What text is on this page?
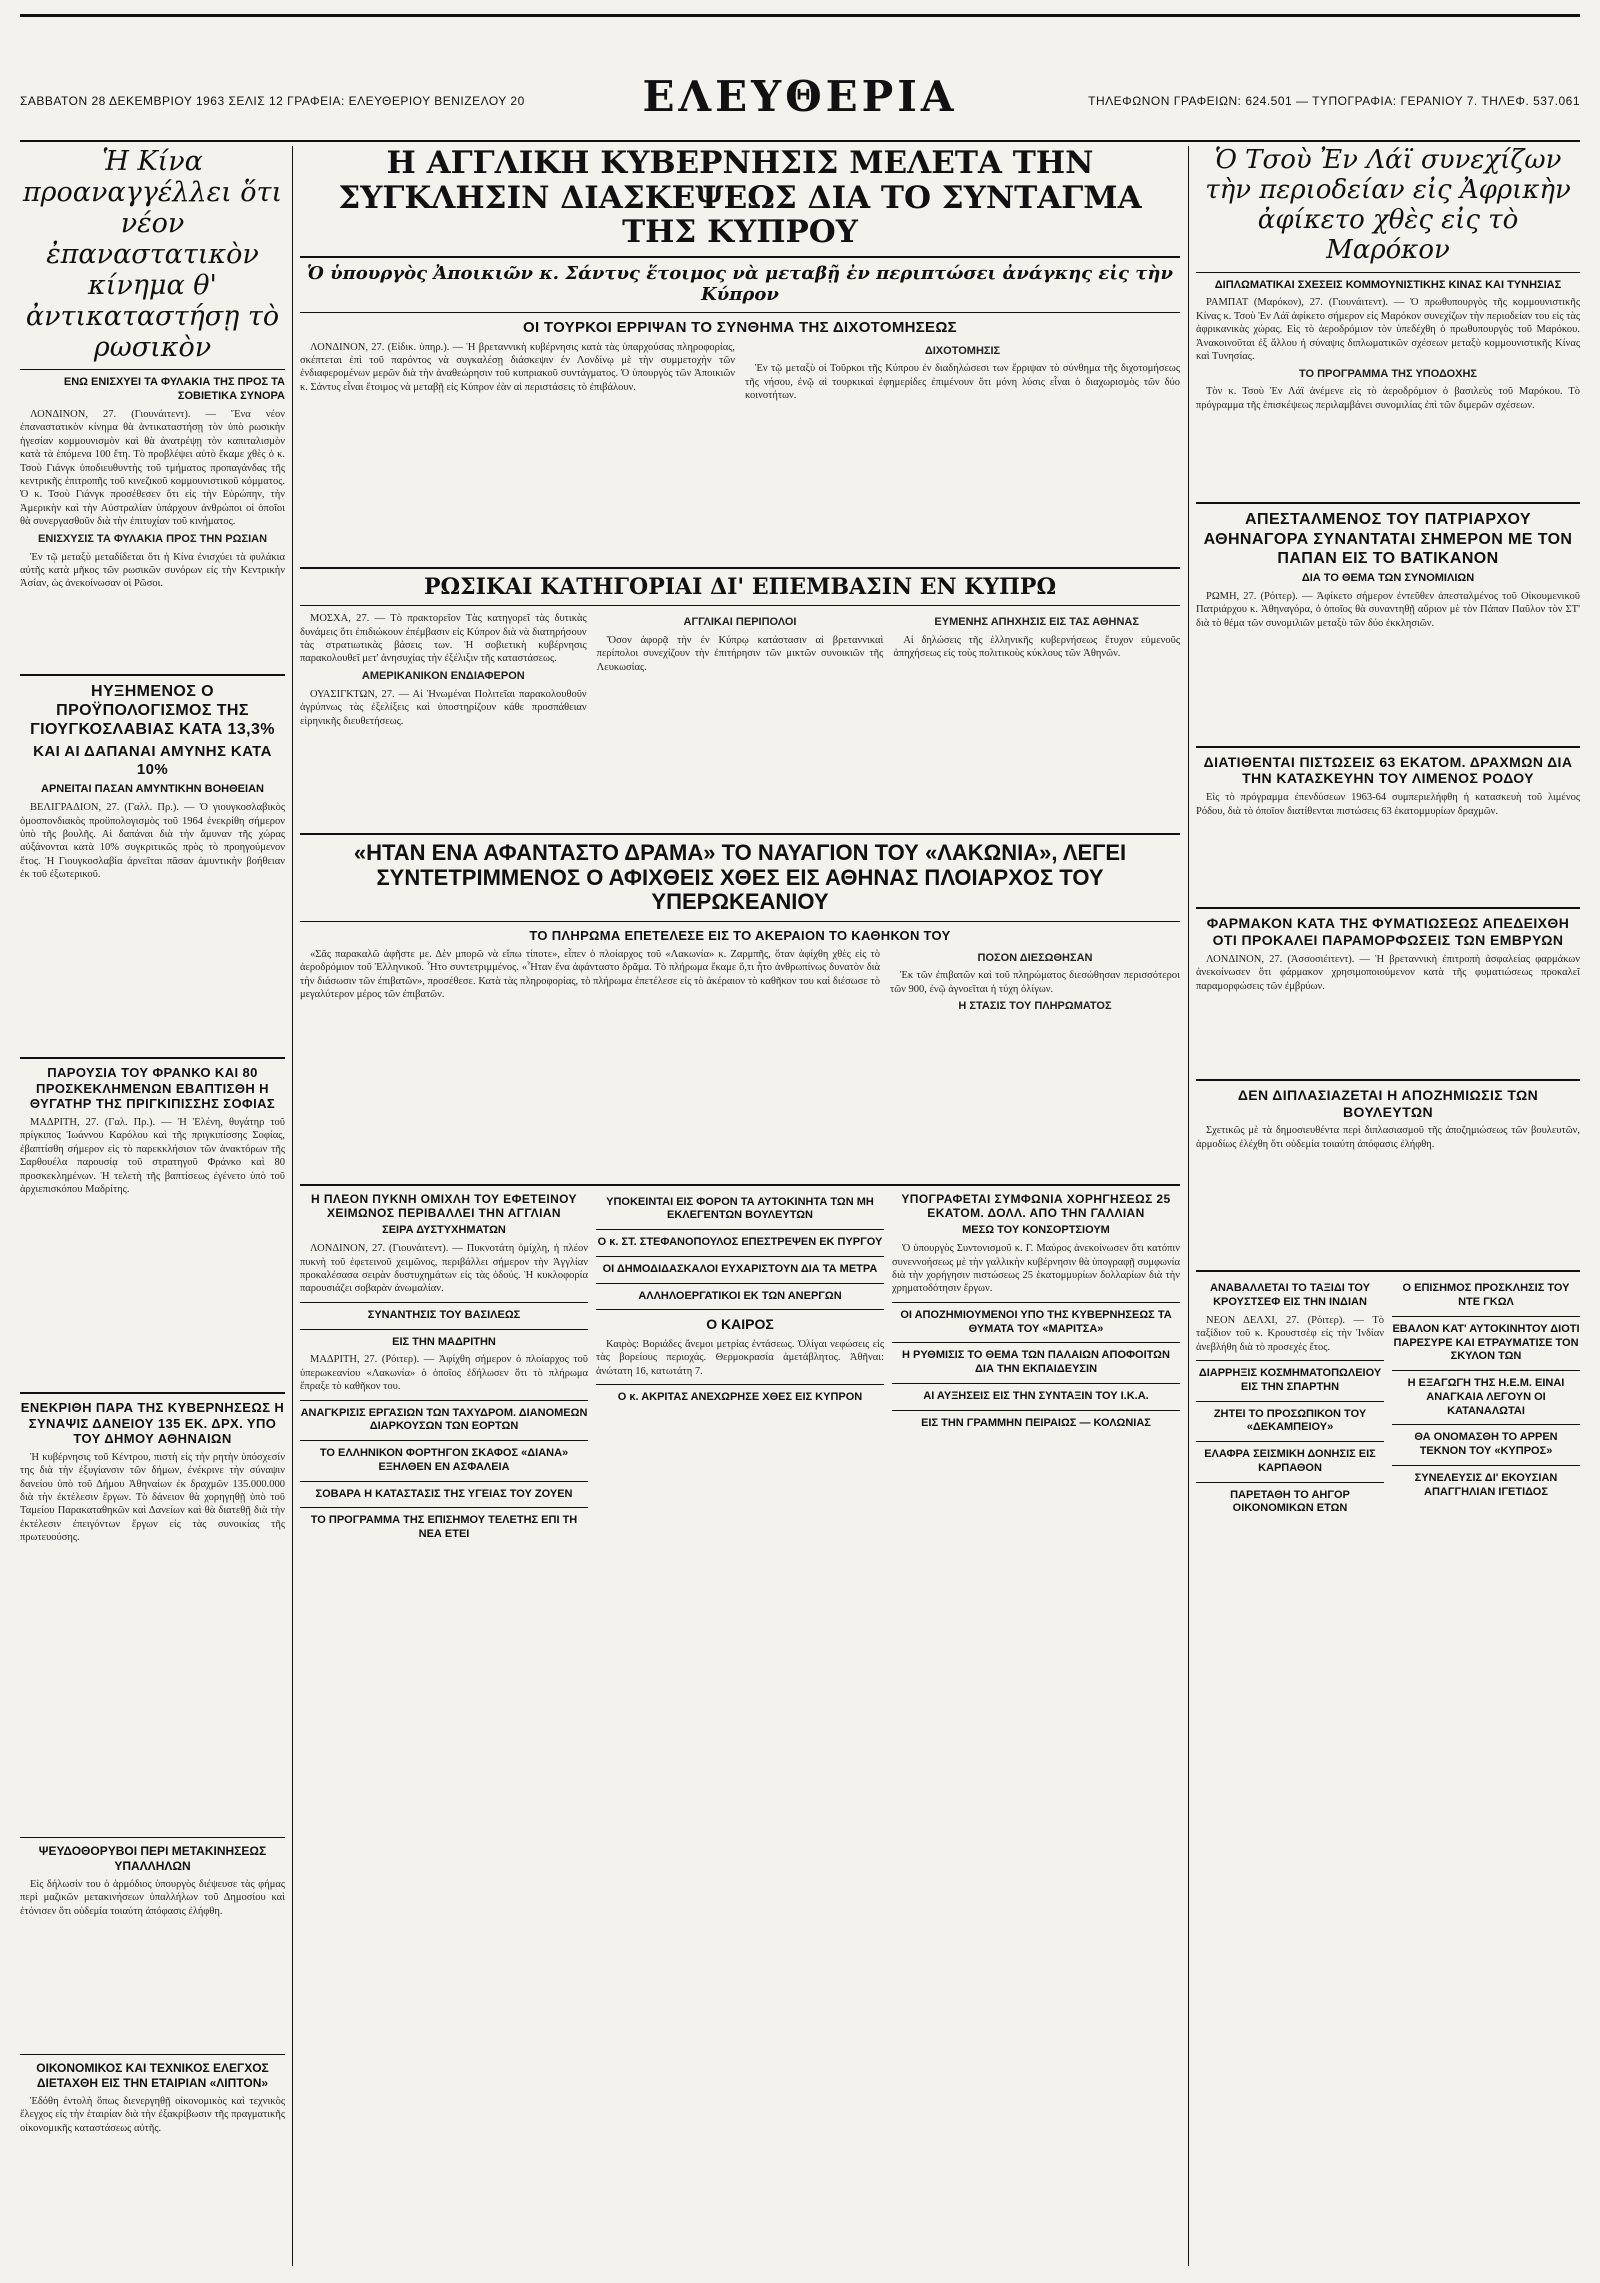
ΣΑΒΒΑΤΟΝ 28 ΔΕΚΕΜΒΡΙΟΥ 1963 ΣΕΛΙΣ 12 ΓΡΑΦΕΙΑ: ΕΛΕΥΘΕΡΙΟΥ ΒΕΝΙΖΕΛΟΥ 20	ΕΛΕΥΘΕΡΙΑ	ΤΗΛΕΦΩΝΟΝ ΓΡΑΦΕΙΩΝ: 624.501 — ΤΥΠΟΓΡΑΦΙΑ: ΓΕΡΑΝΙΟΥ 7. ΤΗΛΕΦ. 537.061
Ἡ Κίνα προαναγγέλλει ὅτι νέον ἐπαναστατικὸν κίνημα θ' ἀντικαταστήσῃ τὸ ρωσικὸν
ΕΝΩ ΕΝΙΣΧΥΕΙ ΤΑ ΦΥΛΑΚΙΑ ΤΗΣ ΠΡΟΣ ΤΑ ΣΟΒΙΕΤΙΚΑ ΣΥΝΟΡΑ

ΛΟΝΔΙΝΟΝ, 27. (Γιουνάιτεντ). — Ἕνα νέον ἐπαναστατικὸν κίνημα θὰ ἀντικαταστήσῃ τὸν ὑπὸ ρωσικὴν ἡγεσίαν κομμουνισμὸν καὶ θὰ ἀνατρέψῃ τὸν καπιταλισμὸν κατὰ τὰ ἑπόμενα 100 ἔτη. Τὸ προβλέψει αὐτὸ ἔκαμε χθὲς ὁ κ. Τσοὺ Γιάνγκ ὑποδιευθυντὴς τοῦ τμήματος προπαγάνδας τῆς κεντρικῆς ἐπιτροπῆς τοῦ κινεζικοῦ κομμουνιστικοῦ κόμματος. Ὁ κ. Τσοὺ Γιάνγκ προσέθεσεν ὅτι εἰς τὴν Εὐρώπην, τὴν Ἀμερικὴν καὶ τὴν Αὐστραλίαν ὑπάρχουν ἀνθρώποι οἱ ὁποῖοι θὰ συνεργασθοῦν διὰ τὴν ἐπιτυχίαν τοῦ κινήματος.

ΕΝΙΣΧΥΣΙΣ ΤΑ ΦΥΛΑΚΙΑ ΠΡΟΣ ΤΗΝ ΡΩΣΙΑΝ

Ἐν τῷ μεταξὺ μεταδίδεται ὅτι ἡ Κίνα ἐνισχύει τὰ φυλάκια αὐτῆς κατὰ μῆκος τῶν ρωσικῶν συνόρων εἰς τὴν Κεντρικὴν Ἀσίαν, ὡς ἀνεκοίνωσαν οἱ Ρῶσοι.

ΗΥΞΗΜΕΝΟΣ Ο ΠΡΟΫΠΟΛΟΓΙΣΜΟΣ ΤΗΣ ΓΙΟΥΓΚΟΣΛΑΒΙΑΣ ΚΑΤΑ 13,3%
ΚΑΙ ΑΙ ΔΑΠΑΝΑΙ ΑΜΥΝΗΣ ΚΑΤΑ 10%
ΑΡΝΕΙΤΑΙ ΠΑΣΑΝ ΑΜΥΝΤΙΚΗΝ ΒΟΗΘΕΙΑΝ

ΒΕΛΙΓΡΑΔΙΟΝ, 27. (Γαλλ. Πρ.). — Ὁ γιουγκοσλαβικὸς ὁμοσπονδιακὸς προϋπολογισμὸς τοῦ 1964 ἐνεκρίθη σήμερον ὑπὸ τῆς βουλῆς. Αἱ δαπάναι διὰ τὴν ἄμυναν τῆς χώρας αὐξάνονται κατὰ 10% συγκριτικῶς πρὸς τὸ προηγούμενον ἔτος. Ἡ Γιουγκοσλαβία ἀρνεῖται πᾶσαν ἀμυντικὴν βοήθειαν ἐκ τοῦ ἐξωτερικοῦ.

ΠΑΡΟΥΣΙΑ ΤΟΥ ΦΡΑΝΚΟ ΚΑΙ 80 ΠΡΟΣΚΕΚΛΗΜΕΝΩΝ ΕΒΑΠΤΙΣΘΗ Η ΘΥΓΑΤΗΡ ΤΗΣ ΠΡΙΓΚΙΠΙΣΣΗΣ ΣΟΦΙΑΣ

ΜΑΔΡΙΤΗ, 27. (Γαλ. Πρ.). — Ἡ Ἑλένη, θυγάτηρ τοῦ πρίγκιπος Ἰωάννου Καρόλου καὶ τῆς πριγκιπίσσης Σοφίας, ἐβαπτίσθη σήμερον εἰς τὸ παρεκκλήσιον τῶν ἀνακτόρων τῆς Σαρθουέλα παρουσίᾳ τοῦ στρατηγοῦ Φράνκο καὶ 80 προσκεκλημένων. Ἡ τελετὴ τῆς βαπτίσεως ἐγένετο ὑπὸ τοῦ ἀρχιεπισκόπου Μαδρίτης.

ΕΝΕΚΡΙΘΗ ΠΑΡΑ ΤΗΣ ΚΥΒΕΡΝΗΣΕΩΣ Η ΣΥΝΑΨΙΣ ΔΑΝΕΙΟΥ 135 ΕΚ. ΔΡΧ. ΥΠΟ ΤΟΥ ΔΗΜΟΥ ΑΘΗΝΑΙΩΝ

Ἡ κυβέρνησις τοῦ Κέντρου, πιστὴ εἰς τὴν ρητὴν ὑπόσχεσίν της διὰ τὴν ἐξυγίανσιν τῶν δήμων, ἐνέκρινε τὴν σύναψιν δανείου ὑπὸ τοῦ Δήμου Ἀθηναίων ἐκ δραχμῶν 135.000.000 διὰ τὴν ἐκτέλεσιν ἔργων. Τὸ δάνειον θὰ χορηγηθῇ ὑπὸ τοῦ Ταμείου Παρακαταθηκῶν καὶ Δανείων καὶ θὰ διατεθῇ διὰ τὴν ἐκτέλεσιν ἐπειγόντων ἔργων εἰς τὰς συνοικίας τῆς πρωτευούσης.

ΨΕΥΔΟΘΟΡΥΒΟΙ ΠΕΡΙ ΜΕΤΑΚΙΝΗΣΕΩΣ ΥΠΑΛΛΗΛΩΝ

Εἰς δήλωσίν του ὁ ἁρμόδιος ὑπουργὸς διέψευσε τὰς φήμας περὶ μαζικῶν μετακινήσεων ὑπαλλήλων τοῦ Δημοσίου καὶ ἐτόνισεν ὅτι οὐδεμία τοιαύτη ἀπόφασις ἐλήφθη.

ΟΙΚΟΝΟΜΙΚΟΣ ΚΑΙ ΤΕΧΝΙΚΟΣ ΕΛΕΓΧΟΣ ΔΙΕΤΑΧΘΗ ΕΙΣ ΤΗΝ ΕΤΑΙΡΙΑΝ «ΛΙΠΤΟΝ»

Ἐδόθη ἐντολὴ ὅπως διενεργηθῇ οἰκονομικὸς καὶ τεχνικὸς ἔλεγχος εἰς τὴν ἑταιρίαν διὰ τὴν ἐξακρίβωσιν τῆς πραγματικῆς οἰκονομικῆς καταστάσεως αὐτῆς.

Η ΑΓΓΛΙΚΗ ΚΥΒΕΡΝΗΣΙΣ ΜΕΛΕΤΑ ΤΗΝ ΣΥΓΚΛΗΣΙΝ ΔΙΑΣΚΕΨΕΩΣ ΔΙΑ ΤΟ ΣΥΝΤΑΓΜΑ ΤΗΣ ΚΥΠΡΟΥ
Ὁ ὑπουργὸς Ἀποικιῶν κ. Σάντυς ἕτοιμος νὰ μεταβῇ ἐν περιπτώσει ἀνάγκης εἰς τὴν Κύπρον
ΟΙ ΤΟΥΡΚΟΙ ΕΡΡΙΨΑΝ ΤΟ ΣΥΝΘΗΜΑ ΤΗΣ ΔΙΧΟΤΟΜΗΣΕΩΣ

ΛΟΝΔΙΝΟΝ, 27. (Εἰδικ. ὑπηρ.). — Ἡ βρεταννικὴ κυβέρνησις κατὰ τὰς ὑπαρχούσας πληροφορίας, σκέπτεται ἐπὶ τοῦ παρόντος νὰ συγκαλέσῃ διάσκεψιν ἐν Λονδίνῳ μὲ τὴν συμμετοχὴν τῶν ἐνδιαφερομένων μερῶν διὰ τὴν ἀναθεώρησιν τοῦ κυπριακοῦ συντάγματος. Ὁ ὑπουργὸς τῶν Ἀποικιῶν κ. Σάντυς εἶναι ἕτοιμος νὰ μεταβῇ εἰς Κύπρον ἐὰν αἱ περιστάσεις τὸ ἐπιβάλουν.

ΔΙΧΟΤΟΜΗΣΙΣ

Ἐν τῷ μεταξὺ οἱ Τοῦρκοι τῆς Κύπρου ἐν διαδηλώσεσι των ἔρριψαν τὸ σύνθημα τῆς διχοτομήσεως τῆς νήσου, ἐνῷ αἱ τουρκικαὶ ἐφημερίδες ἐπιμένουν ὅτι μόνη λύσις εἶναι ὁ διαχωρισμὸς τῶν δύο κοινοτήτων.

ΡΩΣΙΚΑΙ ΚΑΤΗΓΟΡΙΑΙ ΔΙ' ΕΠΕΜΒΑΣΙΝ ΕΝ ΚΥΠΡΩ

ΜΟΣΧΑ, 27. — Τὸ πρακτορεῖον Τὰς κατηγορεῖ τὰς δυτικὰς δυνάμεις ὅτι ἐπιδιώκουν ἐπέμβασιν εἰς Κύπρον διὰ νὰ διατηρήσουν τὰς στρατιωτικὰς βάσεις των. Ἡ σοβιετικὴ κυβέρνησις παρακολουθεῖ μετ' ἀνησυχίας τὴν ἐξέλιξιν τῆς καταστάσεως.

ΑΜΕΡΙΚΑΝΙΚΟΝ ΕΝΔΙΑΦΕΡΟΝ

ΟΥΑΣΙΓΚΤΩΝ, 27. — Αἱ Ἡνωμέναι Πολιτεῖαι παρακολουθοῦν ἀγρύπνως τὰς ἐξελίξεις καὶ ὑποστηρίζουν κάθε προσπάθειαν εἰρηνικῆς διευθετήσεως.

ΑΓΓΛΙΚΑΙ ΠΕΡΙΠΟΛΟΙ

Ὅσον ἀφορᾷ τὴν ἐν Κύπρῳ κατάστασιν αἱ βρεταννικαὶ περίπολοι συνεχίζουν τὴν ἐπιτήρησιν τῶν μικτῶν συνοικιῶν τῆς Λευκωσίας.

ΕΥΜΕΝΗΣ ΑΠΗΧΗΣΙΣ ΕΙΣ ΤΑΣ ΑΘΗΝΑΣ

Αἱ δηλώσεις τῆς ἑλληνικῆς κυβερνήσεως ἔτυχον εὐμενοῦς ἀπηχήσεως εἰς τοὺς πολιτικοὺς κύκλους τῶν Ἀθηνῶν.

«ΗΤΑΝ ΕΝΑ ΑΦΑΝΤΑΣΤΟ ΔΡΑΜΑ» ΤΟ ΝΑΥΑΓΙΟΝ ΤΟΥ «ΛΑΚΩΝΙΑ», ΛΕΓΕΙ ΣΥΝΤΕΤΡΙΜΜΕΝΟΣ Ο ΑΦΙΧΘΕΙΣ ΧΘΕΣ ΕΙΣ ΑΘΗΝΑΣ ΠΛΟΙΑΡΧΟΣ ΤΟΥ ΥΠΕΡΩΚΕΑΝΙΟΥ
ΤΟ ΠΛΗΡΩΜΑ ΕΠΕΤΕΛΕΣΕ ΕΙΣ ΤΟ ΑΚΕΡΑΙΟΝ ΤΟ ΚΑΘΗΚΟΝ ΤΟΥ

«Σᾶς παρακαλῶ ἀφῆστε με. Δὲν μπορῶ νὰ εἴπω τίποτε», εἶπεν ὁ πλοίαρχος τοῦ «Λακωνία» κ. Ζαρμπῆς, ὅταν ἀφίχθη χθὲς εἰς τὸ ἀεροδρόμιον τοῦ Ἑλληνικοῦ. Ἦτο συντετριμμένος. «Ἦταν ἕνα ἀφάνταστο δρᾶμα. Τὸ πλήρωμα ἔκαμε ὅ,τι ἦτο ἀνθρωπίνως δυνατὸν διὰ τὴν διάσωσιν τῶν ἐπιβατῶν», προσέθεσε. Κατὰ τὰς πληροφορίας, τὸ πλήρωμα ἐπετέλεσε εἰς τὸ ἀκέραιον τὸ καθῆκον του καὶ διέσωσε τὸ μεγαλύτερον μέρος τῶν ἐπιβατῶν.

ΠΟΣΟΝ ΔΙΕΣΩΘΗΣΑΝ

Ἐκ τῶν ἐπιβατῶν καὶ τοῦ πληρώματος διεσώθησαν περισσότεροι τῶν 900, ἐνῷ ἀγνοεῖται ἡ τύχη ὀλίγων.

Η ΣΤΑΣΙΣ ΤΟΥ ΠΛΗΡΩΜΑΤΟΣ
Η ΠΛΕΟΝ ΠΥΚΝΗ ΟΜΙΧΛΗ ΤΟΥ ΕΦΕΤΕΙΝΟΥ ΧΕΙΜΩΝΟΣ ΠΕΡΙΒΑΛΛΕΙ ΤΗΝ ΑΓΓΛΙΑΝ
ΣΕΙΡΑ ΔΥΣΤΥΧΗΜΑΤΩΝ

ΛΟΝΔΙΝΟΝ, 27. (Γιουνάιτεντ). — Πυκνοτάτη ὀμίχλη, ἡ πλέον πυκνὴ τοῦ ἐφετεινοῦ χειμῶνος, περιβάλλει σήμερον τὴν Ἀγγλίαν προκαλέσασα σειρὰν δυστυχημάτων εἰς τὰς ὁδούς. Ἡ κυκλοφορία παρουσιάζει σοβαρὰν ἀνωμαλίαν.

ΣΥΝΑΝΤΗΣΙΣ ΤΟΥ ΒΑΣΙΛΕΩΣ
ΕΙΣ ΤΗΝ ΜΑΔΡΙΤΗΝ

ΜΑΔΡΙΤΗ, 27. (Ρόιτερ). — Ἀφίχθη σήμερον ὁ πλοίαρχος τοῦ ὑπερωκεανίου «Λακωνία» ὁ ὁποῖος ἐδήλωσεν ὅτι τὸ πλήρωμα ἔπραξε τὸ καθῆκον του.

ΑΝΑΓΚΡΙΣΙΣ ΕΡΓΑΣΙΩΝ ΤΩΝ ΤΑΧΥΔΡΟΜ. ΔΙΑΝΟΜΕΩΝ ΔΙΑΡΚΟΥΣΩΝ ΤΩΝ ΕΟΡΤΩΝ
ΤΟ ΕΛΛΗΝΙΚΟΝ ΦΟΡΤΗΓΟΝ ΣΚΑΦΟΣ «ΔΙΑΝΑ» ΕΞΗΛΘΕΝ ΕΝ ΑΣΦΑΛΕΙΑ
ΣΟΒΑΡΑ Η ΚΑΤΑΣΤΑΣΙΣ ΤΗΣ ΥΓΕΙΑΣ ΤΟΥ ΖΟΥΕΝ
ΤΟ ΠΡΟΓΡΑΜΜΑ ΤΗΣ ΕΠΙΣΗΜΟΥ ΤΕΛΕΤΗΣ ΕΠΙ ΤΗ ΝΕΑ ΕΤΕΙ
ΥΠΟΚΕΙΝΤΑΙ ΕΙΣ ΦΟΡΟΝ ΤΑ ΑΥΤΟΚΙΝΗΤΑ ΤΩΝ ΜΗ ΕΚΛΕΓΕΝΤΩΝ ΒΟΥΛΕΥΤΩΝ
Ο κ. ΣΤ. ΣΤΕΦΑΝΟΠΟΥΛΟΣ ΕΠΕΣΤΡΕΨΕΝ ΕΚ ΠΥΡΓΟΥ
ΟΙ ΔΗΜΟΔΙΔΑΣΚΑΛΟΙ ΕΥΧΑΡΙΣΤΟΥΝ ΔΙΑ ΤΑ ΜΕΤΡΑ
ΑΛΛΗΛΟΕΡΓΑΤΙΚΟΙ ΕΚ ΤΩΝ ΑΝΕΡΓΩΝ
Ο ΚΑΙΡΟΣ

Καιρὸς: Βοριάδες ἄνεμοι μετρίας ἐντάσεως. Ὀλίγαι νεφώσεις εἰς τὰς βορείους περιοχάς. Θερμοκρασία ἀμετάβλητος. Ἀθῆναι: ἀνώτατη 16, κατωτάτη 7.

Ο κ. ΑΚΡΙΤΑΣ ΑΝΕΧΩΡΗΣΕ ΧΘΕΣ ΕΙΣ ΚΥΠΡΟΝ
ΥΠΟΓΡΑΦΕΤΑΙ ΣΥΜΦΩΝΙΑ ΧΟΡΗΓΗΣΕΩΣ 25 ΕΚΑΤΟΜ. ΔΟΛΛ. ΑΠΟ ΤΗΝ ΓΑΛΛΙΑΝ
ΜΕΣΩ ΤΟΥ ΚΟΝΣΟΡΤΣΙΟΥΜ

Ὁ ὑπουργὸς Συντονισμοῦ κ. Γ. Μαύρος ἀνεκοίνωσεν ὅτι κατόπιν συνεννοήσεως μὲ τὴν γαλλικὴν κυβέρνησιν θὰ ὑπογραφῇ συμφωνία διὰ τὴν χορήγησιν πιστώσεως 25 ἑκατομμυρίων δολλαρίων διὰ τὴν χρηματοδότησιν ἔργων.

ΟΙ ΑΠΟΖΗΜΙΟΥΜΕΝΟΙ ΥΠΟ ΤΗΣ ΚΥΒΕΡΝΗΣΕΩΣ ΤΑ ΘΥΜΑΤΑ ΤΟΥ «ΜΑΡΙΤΣΑ»
Η ΡΥΘΜΙΣΙΣ ΤΟ ΘΕΜΑ ΤΩΝ ΠΑΛΑΙΩΝ ΑΠΟΦΟΙΤΩΝ ΔΙΑ ΤΗΝ ΕΚΠΑΙΔΕΥΣΙΝ
ΑΙ ΑΥΞΗΣΕΙΣ ΕΙΣ ΤΗΝ ΣΥΝΤΑΞΙΝ ΤΟΥ Ι.Κ.Α.
ΕΙΣ ΤΗΝ ΓΡΑΜΜΗΝ ΠΕΙΡΑΙΩΣ — ΚΟΛΩΝΙΑΣ
Ὁ Τσοὺ Ἐν Λάϊ συνεχίζων τὴν περιοδείαν εἰς Ἀφρικὴν ἀφίκετο χθὲς εἰς τὸ Μαρόκον
ΔΙΠΛΩΜΑΤΙΚΑΙ ΣΧΕΣΕΙΣ ΚΟΜΜΟΥΝΙΣΤΙΚΗΣ ΚΙΝΑΣ ΚΑΙ ΤΥΝΗΣΙΑΣ

ΡΑΜΠΑΤ (Μαρόκον), 27. (Γιουνάιτεντ). — Ὁ πρωθυπουργὸς τῆς κομμουνιστικῆς Κίνας κ. Τσοὺ Ἐν Λάϊ ἀφίκετο σήμερον εἰς Μαρόκον συνεχίζων τὴν περιοδείαν του εἰς τὰς ἀφρικανικὰς χώρας. Εἰς τὸ ἀεροδρόμιον τὸν ὑπεδέχθη ὁ πρωθυπουργὸς τοῦ Μαρόκου. Ἀνακοινοῦται ἐξ ἄλλου ἡ σύναψις διπλωματικῶν σχέσεων μεταξὺ κομμουνιστικῆς Κίνας καὶ Τυνησίας.

ΤΟ ΠΡΟΓΡΑΜΜΑ ΤΗΣ ΥΠΟΔΟΧΗΣ

Τὸν κ. Τσοὺ Ἐν Λάϊ ἀνέμενε εἰς τὸ ἀεροδρόμιον ὁ βασιλεὺς τοῦ Μαρόκου. Τὸ πρόγραμμα τῆς ἐπισκέψεως περιλαμβάνει συνομιλίας ἐπὶ τῶν διμερῶν σχέσεων.

ΑΠΕΣΤΑΛΜΕΝΟΣ ΤΟΥ ΠΑΤΡΙΑΡΧΟΥ ΑΘΗΝΑΓΟΡΑ ΣΥΝΑΝΤΑΤΑΙ ΣΗΜΕΡΟΝ ΜΕ ΤΟΝ ΠΑΠΑΝ ΕΙΣ ΤΟ ΒΑΤΙΚΑΝΟΝ
ΔΙΑ ΤΟ ΘΕΜΑ ΤΩΝ ΣΥΝΟΜΙΛΙΩΝ

ΡΩΜΗ, 27. (Ρόιτερ). — Ἀφίκετο σήμερον ἐντεῦθεν ἀπεσταλμένος τοῦ Οἰκουμενικοῦ Πατριάρχου κ. Ἀθηναγόρα, ὁ ὁποῖος θὰ συναντηθῇ αὔριον μὲ τὸν Πάπαν Παῦλον τὸν ΣΤ' διὰ τὸ θέμα τῶν συνομιλιῶν μεταξὺ τῶν δύο ἐκκλησιῶν.

ΔΙΑΤΙΘΕΝΤΑΙ ΠΙΣΤΩΣΕΙΣ 63 ΕΚΑΤΟΜ. ΔΡΑΧΜΩΝ ΔΙΑ ΤΗΝ ΚΑΤΑΣΚΕΥΗΝ ΤΟΥ ΛΙΜΕΝΟΣ ΡΟΔΟΥ

Εἰς τὸ πρόγραμμα ἐπενδύσεων 1963-64 συμπεριελήφθη ἡ κατασκευὴ τοῦ λιμένος Ρόδου, διὰ τὸ ὁποῖον διατίθενται πιστώσεις 63 ἑκατομμυρίων δραχμῶν.

ΦΑΡΜΑΚΟΝ ΚΑΤΑ ΤΗΣ ΦΥΜΑΤΙΩΣΕΩΣ ΑΠΕΔΕΙΧΘΗ ΟΤΙ ΠΡΟΚΑΛΕΙ ΠΑΡΑΜΟΡΦΩΣΕΙΣ ΤΩΝ ΕΜΒΡΥΩΝ

ΛΟΝΔΙΝΟΝ, 27. (Ἀσσοσιέιτεντ). — Ἡ βρεταννικὴ ἐπιτροπὴ ἀσφαλείας φαρμάκων ἀνεκοίνωσεν ὅτι φάρμακον χρησιμοποιούμενον κατὰ τῆς φυματιώσεως προκαλεῖ παραμορφώσεις τῶν ἐμβρύων.

ΔΕΝ ΔΙΠΛΑΣΙΑΖΕΤΑΙ Η ΑΠΟΖΗΜΙΩΣΙΣ ΤΩΝ ΒΟΥΛΕΥΤΩΝ

Σχετικῶς μὲ τὰ δημοσιευθέντα περὶ διπλασιασμοῦ τῆς ἀποζημιώσεως τῶν βουλευτῶν, ἁρμοδίως ἐλέχθη ὅτι οὐδεμία τοιαύτη ἀπόφασις ἐλήφθη.

ΑΝΑΒΑΛΛΕΤΑΙ ΤΟ ΤΑΞΙΔΙ ΤΟΥ ΚΡΟΥΣΤΣΕΦ ΕΙΣ ΤΗΝ ΙΝΔΙΑΝ

ΝΕΟΝ ΔΕΛΧΙ, 27. (Ρόιτερ). — Τὸ ταξίδιον τοῦ κ. Κρουστσὲφ εἰς τὴν Ἰνδίαν ἀνεβλήθη διὰ τὸ προσεχὲς ἔτος.

ΔΙΑΡΡΗΞΙΣ ΚΟΣΜΗΜΑΤΟΠΩΛΕΙΟΥ ΕΙΣ ΤΗΝ ΣΠΑΡΤΗΝ
ΖΗΤΕΙ ΤΟ ΠΡΟΣΩΠΙΚΟΝ ΤΟΥ «ΔΕΚΑΜΠΕΙΟΥ»
ΕΛΑΦΡΑ ΣΕΙΣΜΙΚΗ ΔΟΝΗΣΙΣ ΕΙΣ ΚΑΡΠΑΘΟΝ
ΠΑΡΕΤΑΘΗ ΤΟ ΑΗΓΟΡ ΟΙΚΟΝΟΜΙΚΩΝ ΕΤΩΝ
Ο ΕΠΙΣΗΜΟΣ ΠΡΟΣΚΛΗΣΙΣ ΤΟΥ ΝΤΕ ΓΚΩΛ
ΕΒΑΛΟΝ ΚΑΤ' ΑΥΤΟΚΙΝΗΤΟΥ ΔΙΟΤΙ ΠΑΡΕΣΥΡΕ ΚΑΙ ΕΤΡΑΥΜΑΤΙΣΕ ΤΟΝ ΣΚΥΛΟΝ ΤΩΝ
Η ΕΞΑΓΩΓΗ ΤΗΣ Η.Ε.Μ. ΕΙΝΑΙ ΑΝΑΓΚΑΙΑ ΛΕΓΟΥΝ ΟΙ ΚΑΤΑΝΑΛΩΤΑΙ
ΘΑ ΟΝΟΜΑΣΘΗ ΤΟ ΑΡΡΕΝ ΤΕΚΝΟΝ ΤΟΥ «ΚΥΠΡΟΣ»
ΣΥΝΕΛΕΥΣΙΣ ΔΙ' ΕΚΟΥΣΙΑΝ ΑΠΑΓΓΗΛΙΑΝ ΙΓΕΤΙΔΟΣ
